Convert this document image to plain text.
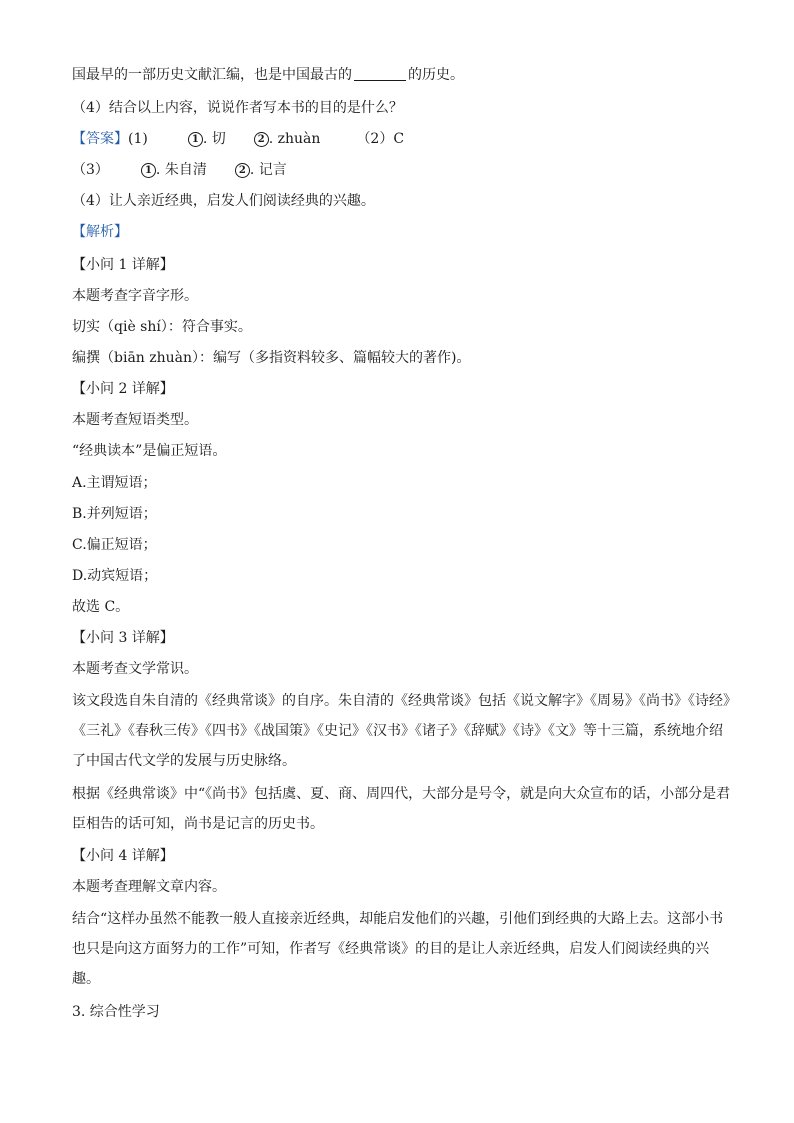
国最早的一部历史文献汇编，也是中国最古的	的历史。
（4）结合以上内容，说说作者写本书的目的是什么？
【答案】(1)	1 . 切	2 . zhuàn	（2）C
（3）	1 . 朱自清	2 . 记言
（4）让人亲近经典，启发人们阅读经典的兴趣。
【解析】
【小问 1 详解】
本题考查字音字形。
切实（qiè shí）：符合事实。
编撰（biān zhuàn）：编写（多指资料较多、篇幅较大的著作)。
【小问 2 详解】
本题考查短语类型。
“经典读本”是偏正短语。
A.主谓短语；
B.并列短语；
C.偏正短语；
D.动宾短语；
故选 C。
【小问 3 详解】
本题考查文学常识。
该文段选自朱自清的《经典常谈》的自序。朱自清的《经典常谈》包括《说文解字》《周易》《尚书》《诗经》《三礼》《春秋三传》《四书》《战国策》《史记》《汉书》《诸子》《辞赋》《诗》《文》等十三篇，系统地介绍了中国古代文学的发展与历史脉络。
根据《经典常谈》中“《尚书》包括虞、夏、商、周四代，大部分是号令，就是向大众宣布的话，小部分是君臣相告的话可知，尚书是记言的历史书。
【小问 4 详解】
本题考查理解文章内容。
结合“这样办虽然不能教一般人直接亲近经典，却能启发他们的兴趣，引他们到经典的大路上去。这部小书也只是向这方面努力的工作”可知，作者写《经典常谈》的目的是让人亲近经典，启发人们阅读经典的兴趣。
3. 综合性学习
